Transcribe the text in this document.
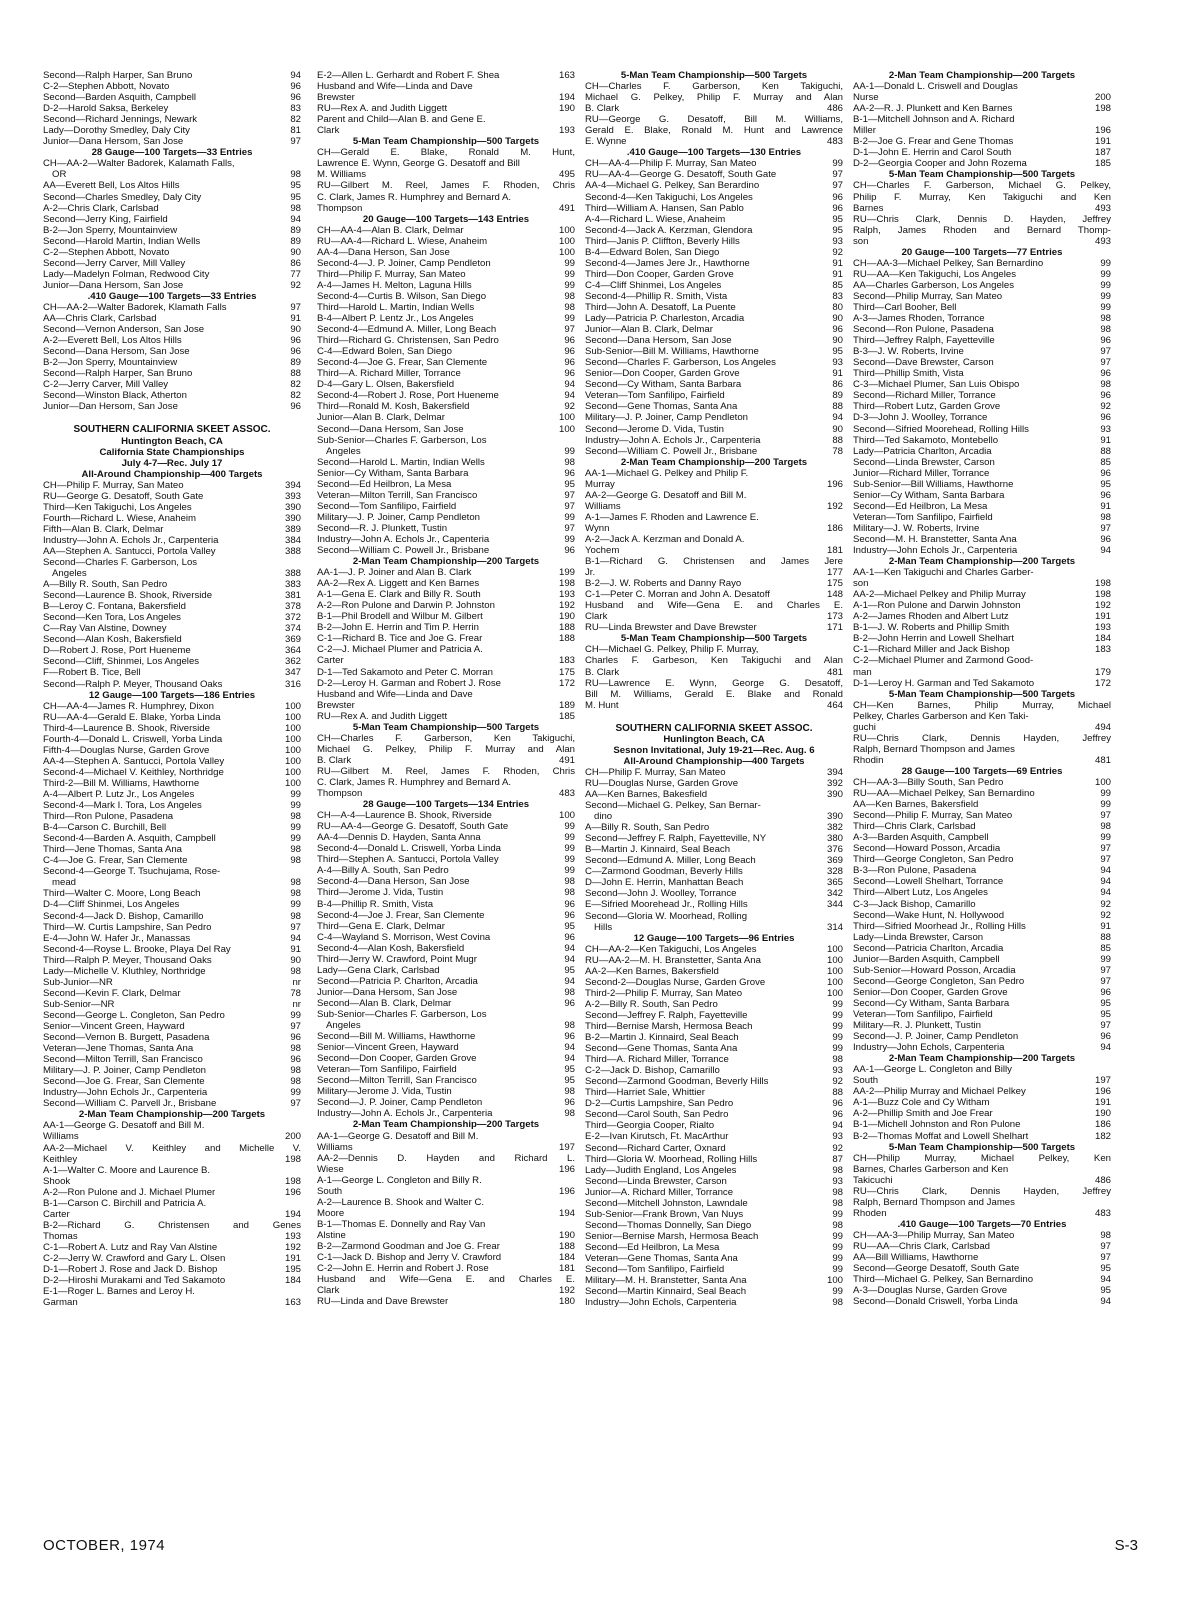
Second—Ralph Harper, San Bruno	94
C-2—Stephen Abbott, Novato	96
Second—Barden Asquith, Campbell	96
D-2—Harold Saksa, Berkeley	83
Second—Richard Jennings, Newark	82
Lady—Dorothy Smedley, Daly City	81
Junior—Dana Hersom, San Jose	97
28 Gauge—100 Targets—33 Entries
CH—AA-2—Walter Badorek, Kalamath Falls,
OR	98
AA—Everett Bell, Los Altos Hills	95
Second—Charles Smedley, Daly City	95
A-2—Chris Clark, Carlsbad	98
Second—Jerry King, Fairfield	94
B-2—Jon Sperry, Mountainview	89
Second—Harold Martin, Indian Wells	89
C-2—Stephen Abbott, Novato	90
Second—Jerry Carver, Mill Valley	86
Lady—Madelyn Folman, Redwood City	77
Junior—Dana Hersom, San Jose	92
.410 Gauge—100 Targets—33 Entries
CH—AA-2—Walter Badorek, Klamath Falls	97
AA—Chris Clark, Carlsbad	91
Second—Vernon Anderson, San Jose	90
A-2—Everett Bell, Los Altos Hills	96
Second—Dana Hersom, San Jose	96
B-2—Jon Sperry, Mountainview	89
Second—Ralph Harper, San Bruno	88
C-2—Jerry Carver, Mill Valley	82
Second—Winston Black, Atherton	82
Junior—Dan Hersom, San Jose	96
SOUTHERN CALIFORNIA SKEET ASSOC.
Huntington Beach, CA
California State Championships
July 4-7—Rec. July 17
All-Around Championship—400 Targets
CH—Philip F. Murray, San Mateo	394
RU—George G. Desatoff, South Gate	393
Third—Ken Takiguchi, Los Angeles	390
Fourth—Richard L. Wiese, Anaheim	390
Fifth—Alan B. Clark, Delmar	389
Industry—John A. Echols Jr., Carpenteria	384
AA—Stephen A. Santucci, Portola Valley	388
Second—Charles F. Garberson, Los
Angeles	388
A—Billy R. South, San Pedro	383
Second—Laurence B. Shook, Riverside	381
B—Leroy C. Fontana, Bakersfield	378
Second—Ken Tora, Los Angeles	372
C—Ray Van Alstine, Downey	374
Second—Alan Kosh, Bakersfield	369
D—Robert J. Rose, Port Hueneme	364
Second—Cliff, Shinmei, Los Angeles	362
F—Robert B. Tice, Bell	347
Second—Ralph P. Meyer, Thousand Oaks	316
12 Gauge—100 Targets—186 Entries
CH—AA-4—James R. Humphrey, Dixon	100
RU—AA-4—Gerald E. Blake, Yorba Linda	100
Third-4—Laurence B. Shook, Riverside	100
Fourth-4—Donald L. Criswell, Yorba Linda	100
Fifth-4—Douglas Nurse, Garden Grove	100
AA-4—Stephen A. Santucci, Portola Valley	100
Second-4—Michael V. Keithley, Northridge	100
Third-2—Bill M. Williams, Hawthorne	100
A-4—Albert P. Lutz Jr., Los Angeles	99
Second-4—Mark I. Tora, Los Angeles	99
Third—Ron Pulone, Pasadena	98
B-4—Carson C. Burchill, Bell	99
Second-4—Barden A. Asquith, Campbell	99
Third—Jene Thomas, Santa Ana	98
C-4—Joe G. Frear, San Clemente	98
Second-4—George T. Tsuchujama, Rose-
mead	98
Third—Walter C. Moore, Long Beach	98
D-4—Cliff Shinmei, Los Angeles	99
Second-4—Jack D. Bishop, Camarillo	98
Third—W. Curtis Lampshire, San Pedro	97
E-4—John W. Hafer Jr., Manassas	94
Second-4—Royse L. Brooke, Playa Del Ray	91
Third—Ralph P. Meyer, Thousand Oaks	90
Lady—Michelle V. Kluthley, Northridge	98
Sub-Junior—NR	nr
Second—Kevin F. Clark, Delmar	78
Sub-Senior—NR	nr
Second—George L. Congleton, San Pedro	99
Senior—Vincent Green, Hayward	97
Second—Vernon B. Burgett, Pasadena	96
Veteran—Jene Thomas, Santa Ana	98
Second—Milton Terrill, San Francisco	96
Military—J. P. Joiner, Camp Pendleton	98
Second—Joe G. Frear, San Clemente	98
Industry—John Echols Jr., Carpenteria	99
Second—William C. Parvell Jr., Brisbane	97
2-Man Team Championship—200 Targets
AA-1—George G. Desatoff and Bill M.
Williams	200
AA-2—Michael V. Keithley and Michelle V.
Keithley	198
A-1—Walter C. Moore and Laurence B.
Shook	198
A-2—Ron Pulone and J. Michael Plumer	196
B-1—Carson C. Birchill and Patricia A.
Carter	194
B-2—Richard G. Christensen and Genes
Thomas	193
C-1—Robert A. Lutz and Ray Van Alstine	192
C-2—Jerry W. Crawford and Gary L. Olsen	191
D-1—Robert J. Rose and Jack D. Bishop	195
D-2—Hiroshi Murakami and Ted Sakamoto	184
E-1—Roger L. Barnes and Leroy H.
Garman	163
E-2—Allen L. Gerhardt and Robert F. Shea	163
Husband and Wife—Linda and Dave
Brewster	194
RU—Rex A. and Judith Liggett	190
Parent and Child—Alan B. and Gene E.
Clark	193
5-Man Team Championship—500 Targets
CH—Gerald E. Blake, Ronald M. Hunt,
Lawrence E. Wynn, George G. Desatoff and Bill
M. Williams	495
RU—Gilbert M. Reel, James F. Rhoden, Chris
C. Clark, James R. Humphrey and Bernard A.
Thompson	491
20 Gauge—100 Targets—143 Entries
CH—AA-4—Alan B. Clark, Delmar	100
RU—AA-4—Richard L. Wiese, Anaheim	100
AA-4—Dana Herson, San Jose	100
Second-4—J. P. Joiner, Camp Pendleton	99
Third—Philip F. Murray, San Mateo	99
A-4—James H. Melton, Laguna Hills	99
Second-4—Curtis B. Wilson, San Diego	98
Third—Harold L. Martin, Indian Wells	98
B-4—Albert P. Lentz Jr., Los Angeles	99
Second-4—Edmund A. Miller, Long Beach	97
Third—Richard G. Christensen, San Pedro	96
C-4—Edward Bolen, San Diego	96
Second-4—Joe G. Frear, San Clemente	96
Third—A. Richard Miller, Torrance	96
D-4—Gary L. Olsen, Bakersfield	94
Second-4—Robert J. Rose, Port Hueneme	94
Third—Ronald M. Kosh, Bakersfield	92
Junior—Alan B. Clark, Delmar	100
Second—Dana Hersom, San Jose	100
Sub-Senior—Charles F. Garberson, Los
Angeles	99
Second—Harold L. Martin, Indian Wells	98
Senior—Cy Witham, Santa Barbara	96
Second—Ed Heilbron, La Mesa	95
Veteran—Milton Terrill, San Francisco	97
Second—Tom Sanfilipo, Fairfield	97
Military—J. P. Joiner, Camp Pendleton	99
Second—R. J. Plunkett, Tustin	97
Industry—John A. Echols Jr., Capenteria	99
Second—William C. Powell Jr., Brisbane	96
2-Man Team Championship—200 Targets
AA-1—J. P. Joiner and Alan B. Clark	199
AA-2—Rex A. Liggett and Ken Barnes	198
A-1—Gena E. Clark and Billy R. South	193
A-2—Ron Pulone and Darwin P. Johnston	192
B-1—Phil Brodell and Wilbur M. Gilbert	190
B-2—John E. Herrin and Tim P. Herrin	188
C-1—Richard B. Tice and Joe G. Frear	188
C-2—J. Michael Plumer and Patricia A.
Carter	183
D-1—Ted Sakamoto and Peter C. Morran	175
D-2—Leroy H. Garman and Robert J. Rose	172
Husband and Wife—Linda and Dave
Brewster	189
RU—Rex A. and Judith Liggett	185
5-Man Team Championship—500 Targets
CH—Charles F. Garberson, Ken Takiguchi,
Michael G. Pelkey, Philip F. Murray and Alan
B. Clark	491
RU—Gilbert M. Reel, James F. Rhoden, Chris
C. Clark, James R. Humphrey and Bernard A.
Thompson	483
28 Gauge—100 Targets—134 Entries
CH—A-4—Laurence B. Shook, Riverside	100
RU—AA-4—George G. Desatoff, South Gate	99
AA-4—Dennis D. Hayden, Santa Anna	99
Second-4—Donald L. Criswell, Yorba Linda	99
Third—Stephen A. Santucci, Portola Valley	99
A-4—Billy A. South, San Pedro	99
Second-4—Dana Herson, San Jose	98
Third—Jerome J. Vida, Tustin	98
B-4—Phillip R. Smith, Vista	96
Second-4—Joe J. Frear, San Clemente	96
Third—Gena E. Clark, Delmar	95
C-4—Wayland S. Morrison, West Covina	96
Second-4—Alan Kosh, Bakersfield	94
Third—Jerry W. Crawford, Point Mugr	94
Lady—Gena Clark, Carlsbad	95
Second—Patricia P. Charlton, Arcadia	94
Junior—Dana Hersom, San Jose	98
Second—Alan B. Clark, Delmar	96
Sub-Senior—Charles F. Garberson, Los
Angeles	98
Second—Bill M. Williams, Hawthorne	96
Senior—Vincent Green, Hayward	94
Second—Don Cooper, Garden Grove	94
Veteran—Tom Sanfilipo, Fairfield	95
Second—Milton Terrill, San Francisco	95
Military—Jerome J. Vida, Tustin	98
Second—J. P. Joiner, Camp Pendleton	96
Industry—John A. Echols Jr., Carpenteria	98
2-Man Team Championship—200 Targets
AA-1—George G. Desatoff and Bill M.
Williams	197
AA-2—Dennis D. Hayden and Richard L.
Wiese	196
A-1—George L. Congleton and Billy R.
South	196
A-2—Laurence B. Shook and Walter C.
Moore	194
B-1—Thomas E. Donnelly and Ray Van
Alstine	190
B-2—Zarmond Goodman and Joe G. Frear	188
C-1—Jack D. Bishop and Jerry V. Crawford	184
C-2—John E. Herrin and Robert J. Rose	181
Husband and Wife—Gena E. and Charles E.
Clark	192
RU—Linda and Dave Brewster	180
5-Man Team Championship—500 Targets
CH—Charles F. Garberson, Ken Takiguchi,
Michael G. Pelkey, Philip F. Murray and Alan
B. Clark	486
RU—George G. Desatoff, Bill M. Williams,
Gerald E. Blake, Ronald M. Hunt and Lawrence
E. Wynne	483
.410 Gauge—100 Targets—130 Entries
CH—AA-4—Philip F. Murray, San Mateo	99
RU—AA-4—George G. Desatoff, South Gate	97
AA-4—Michael G. Pelkey, San Berardino	97
Second-4—Ken Takiguchi, Los Angeles	96
Third—William A. Hansen, San Pablo	96
A-4—Richard L. Wiese, Anaheim	95
Second-4—Jack A. Kerzman, Glendora	95
Third—Janis P. Cliffton, Beverly Hills	93
B-4—Edward Bolen, San Diego	92
Second-4—James Jere Jr., Hawthorne	91
Third—Don Cooper, Garden Grove	91
C-4—Cliff Shinmei, Los Angeles	85
Second-4—Phillip R. Smith, Vista	83
Third—John A. Desatoff, La Puente	80
Lady—Patricia P. Charleston, Arcadia	90
Junior—Alan B. Clark, Delmar	96
Second—Dana Hersom, San Jose	90
Sub-Senior—Bill M. Williams, Hawthorne	95
Second—Charles F. Garberson, Los Angeles	93
Senior—Don Cooper, Garden Grove	91
Second—Cy Witham, Santa Barbara	86
Veteran—Tom Sanfilipo, Fairfield	89
Second—Gene Thomas, Santa Ana	88
Military—J. P. Joiner, Camp Pendleton	94
Second—Jerome D. Vida, Tustin	90
Industry—John A. Echols Jr., Carpenteria	88
Second—William C. Powell Jr., Brisbane	78
2-Man Team Championship—200 Targets
AA-1—Michael G. Pelkey and Philip F.
Murray	196
AA-2—George G. Desatoff and Bill M.
Williams	192
A-1—James F. Rhoden and Lawrence E.
Wynn	186
A-2—Jack A. Kerzman and Donald A.
Yochem	181
B-1—Richard G. Christensen and James Jere
Jr.	177
B-2—J. W. Roberts and Danny Rayo	175
C-1—Peter C. Morran and John A. Desatoff	148
Husband and Wife—Gena E. and Charles E.
Clark	173
RU—Linda Brewster and Dave Brewster	171
5-Man Team Championship—500 Targets
CH—Michael G. Pelkey, Philip F. Murray,
Charles F. Garbeson, Ken Takiguchi and Alan
B. Clark	481
RU—Lawrence E. Wynn, George G. Desatoff,
Bill M. Williams, Gerald E. Blake and Ronald
M. Hunt	464
SOUTHERN CALIFORNIA SKEET ASSOC.
Hunlington Beach, CA
Sesnon Invitational, July 19-21—Rec. Aug. 6
All-Around Championship—400 Targets
CH—Philip F. Murray, San Mateo	394
RU—Douglas Nurse, Garden Grove	392
AA—Ken Barnes, Bakesfield	390
Second—Michael G. Pelkey, San Bernar-
dino	390
A—Billy R. South, San Pedro	382
Second—Jeffrey F. Ralph, Fayetteville, NY	380
B—Martin J. Kinnaird, Seal Beach	376
Second—Edmund A. Miller, Long Beach	369
C—Zarmond Goodman, Beverly Hills	328
D—John E. Herrin, Manhattan Beach	365
Second—John J. Woolley, Torrance	342
E—Sifried Moorehead Jr., Rolling Hills	344
Second—Gloria W. Moorhead, Rolling
Hills	314
12 Gauge—100 Targets—96 Entries
CH—AA-2—Ken Takiguchi, Los Angeles	100
RU—AA-2—M. H. Branstetter, Santa Ana	100
AA-2—Ken Barnes, Bakersfield	100
Second-2—Douglas Nurse, Garden Grove	100
Third-2—Philip F. Murray, San Mateo	100
A-2—Billy R. South, San Pedro	99
Second—Jeffrey F. Ralph, Fayetteville	99
Third—Bernise Marsh, Hermosa Beach	99
B-2—Martin J. Kinnaird, Seal Beach	99
Second—Gene Thomas, Santa Ana	99
Third—A. Richard Miller, Torrance	98
C-2—Jack D. Bishop, Camarillo	93
Second—Zarmond Goodman, Beverly Hills	92
Third—Harriet Sale, Whittier	88
D-2—Curtis Lampshire, San Pedro	96
Second—Carol South, San Pedro	96
Third—Georgia Cooper, Rialto	94
E-2—Ivan Kirutsch, Ft. MacArthur	93
Second—Richard Carter, Oxnard	92
Third—Gloria W. Moorhead, Rolling Hills	87
Lady—Judith England, Los Angeles	98
Second—Linda Brewster, Carson	93
Junior—A. Richard Miller, Torrance	98
Second—Mitchell Johnston, Lawndale	98
Sub-Senior—Frank Brown, Van Nuys	99
Second—Thomas Donnelly, San Diego	98
Senior—Bernise Marsh, Hermosa Beach	99
Second—Ed Heilbron, La Mesa	99
Veteran—Gene Thomas, Santa Ana	99
Second—Tom Sanfilipo, Fairfield	99
Military—M. H. Branstetter, Santa Ana	100
Second—Martin Kinnaird, Seal Beach	99
Industry—John Echols, Carpenteria	98
2-Man Team Championship—200 Targets
AA-1—Donald L. Criswell and Douglas
Nurse	200
AA-2—R. J. Plunkett and Ken Barnes	198
B-1—Mitchell Johnson and A. Richard
Miller	196
B-2—Joe G. Frear and Gene Thomas	191
D-1—John E. Herrin and Carol South	187
D-2—Georgia Cooper and John Rozema	185
5-Man Team Championship—500 Targets
CH—Charles F. Garberson, Michael G. Pelkey,
Philip F. Murray, Ken Takiguchi and Ken
Barnes	493
RU—Chris Clark, Dennis D. Hayden, Jeffrey
Ralph, James Rhoden and Bernard Thomp-
son	493
20 Gauge—100 Targets—77 Entries
CH—AA-3—Michael Pelkey, San Bernardino	99
RU—AA—Ken Takiguchi, Los Angeles	99
AA—Charles Garberson, Los Angeles	99
Second—Philip Murray, San Mateo	99
Third—Carl Booher, Bell	99
A-3—James Rhoden, Torrance	98
Second—Ron Pulone, Pasadena	98
Third—Jeffrey Ralph, Fayetteville	96
B-3—J. W. Roberts, Irvine	97
Second—Dave Brewster, Carson	97
Third—Phillip Smith, Vista	96
C-3—Michael Plumer, San Luis Obispo	98
Second—Richard Miller, Torrance	96
Third—Robert Lutz, Garden Grove	92
D-3—John J. Woolley, Torrance	96
Second—Sifried Moorehead, Rolling Hills	93
Third—Ted Sakamoto, Montebello	91
Lady—Patricia Charlton, Arcadia	88
Second—Linda Brewster, Carson	85
Junior—Richard Miller, Torrance	96
Sub-Senior—Bill Williams, Hawthorne	95
Senior—Cy Witham, Santa Barbara	96
Second—Ed Heilbron, La Mesa	91
Veteran—Tom Sanfilipo, Fairfield	98
Military—J. W. Roberts, Irvine	97
Second—M. H. Branstetter, Santa Ana	96
Industry—John Echols Jr., Carpenteria	94
2-Man Team Championship—200 Targets
AA-1—Ken Takiguchi and Charles Garber-
son	198
AA-2—Michael Pelkey and Philip Murray	198
A-1—Ron Pulone and Darwin Johnston	192
A-2—James Rhoden and Albert Lutz	191
B-1—J. W. Roberts and Phillip Smith	193
B-2—John Herrin and Lowell Shelhart	184
C-1—Richard Miller and Jack Bishop	183
C-2—Michael Plumer and Zarmond Good-
man	179
D-1—Leroy H. Garman and Ted Sakamoto	172
5-Man Team Championship—500 Targets
CH—Ken Barnes, Philip Murray, Michael
Pelkey, Charles Garberson and Ken Taki-
guchi	494
RU—Chris Clark, Dennis Hayden, Jeffrey
Ralph, Bernard Thompson and James
Rhodin	481
28 Gauge—100 Targets—69 Entries
CH—AA-3—Billy South, San Pedro	100
RU—AA—Michael Pelkey, San Bernardino	99
AA—Ken Barnes, Bakersfield	99
Second—Philip F. Murray, San Mateo	97
Third—Chris Clark, Carlsbad	98
A-3—Barden Asquith, Campbell	99
Second—Howard Posson, Arcadia	97
Third—George Congleton, San Pedro	97
B-3—Ron Pulone, Pasadena	94
Second—Lowell Shelhart, Torrance	94
Third—Albert Lutz, Los Angeles	94
C-3—Jack Bishop, Camarillo	92
Second—Wake Hunt, N. Hollywood	92
Third—Sifried Moorhead Jr., Rolling Hills	91
Lady—Linda Brewster, Carson	88
Second—Patricia Charlton, Arcadia	85
Junior—Barden Asquith, Campbell	99
Sub-Senior—Howard Posson, Arcadia	97
Second—George Congleton, San Pedro	97
Senior—Don Cooper, Garden Grove	96
Second—Cy Witham, Santa Barbara	95
Veteran—Tom Sanfilipo, Fairfield	95
Military—R. J. Plunkett, Tustin	97
Second—J. P. Joiner, Camp Pendleton	96
Industry—John Echols, Carpenteria	94
2-Man Team Championship—200 Targets
AA-1—George L. Congleton and Billy
South	197
AA-2—Philip Murray and Michael Pelkey	196
A-1—Buzz Cole and Cy Witham	191
A-2—Phillip Smith and Joe Frear	190
B-1—Michell Johnston and Ron Pulone	186
B-2—Thomas Moffat and Lowell Shelhart	182
5-Man Team Championship—500 Targets
CH—Philip Murray, Michael Pelkey, Ken
Barnes, Charles Garberson and Ken
Takicuchi	486
RU—Chris Clark, Dennis Hayden, Jeffrey
Ralph, Bernard Thompson and James
Rhoden	483
.410 Gauge—100 Targets—70 Entries
CH—AA-3—Philip Murray, San Mateo	98
RU—AA—Chris Clark, Carlsbad	97
AA—Bill Williams, Hawthorne	97
Second—George Desatoff, South Gate	95
Third—Michael G. Pelkey, San Bernardino	94
A-3—Douglas Nurse, Garden Grove	95
Second—Donald Criswell, Yorba Linda	94
OCTOBER, 1974	S-3
